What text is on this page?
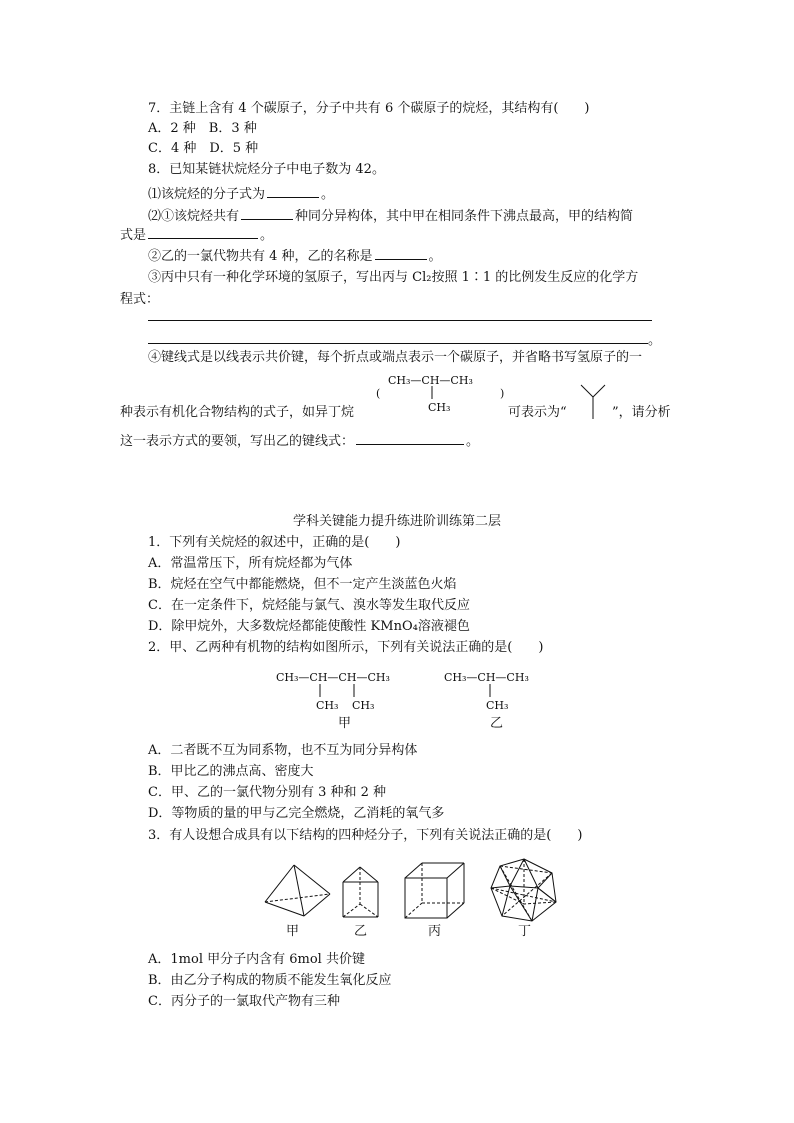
7．主链上含有 4 个碳原子，分子中共有 6 个碳原子的烷烃，其结构有(　　)
A．2 种　B．3 种
C．4 种　D．5 种
8．已知某链状烷烃分子中电子数为 42。
⑴该烷烃的分子式为	。
⑵①该烷烃共有	种同分异构体，其中甲在相同条件下沸点最高，甲的结构简
式是	。
②乙的一氯代物共有 4 种，乙的名称是	。
③丙中只有一种化学环境的氢原子，写出丙与 Cl₂按照 1∶1 的比例发生反应的化学方
程式：
。
④键线式是以线表示共价键，每个折点或端点表示一个碳原子，并省略书写氢原子的一
CH₃—CH—CH₃
(	)
CH₃
种表示有机化合物结构的式子，如异丁烷	可表示为“	”，请分析
这一表示方式的要领，写出乙的键线式：	。
学科关键能力提升练进阶训练第二层
1．下列有关烷烃的叙述中，正确的是(　　)
A．常温常压下，所有烷烃都为气体
B．烷烃在空气中都能燃烧，但不一定产生淡蓝色火焰
C．在一定条件下，烷烃能与氯气、溴水等发生取代反应
D．除甲烷外，大多数烷烃都能使酸性 KMnO₄溶液褪色
2．甲、乙两种有机物的结构如图所示，下列有关说法正确的是(　　)
CH₃—CH—CH—CH₃
CH₃ CH₃
甲
CH₃—CH—CH₃
CH₃
乙
A．二者既不互为同系物，也不互为同分异构体
B．甲比乙的沸点高、密度大
C．甲、乙的一氯代物分别有 3 种和 2 种
D．等物质的量的甲与乙完全燃烧，乙消耗的氧气多
3．有人设想合成具有以下结构的四种烃分子，下列有关说法正确的是(　　)
甲	乙	丙	丁
A．1mol 甲分子内含有 6mol 共价键
B．由乙分子构成的物质不能发生氧化反应
C．丙分子的一氯取代产物有三种
